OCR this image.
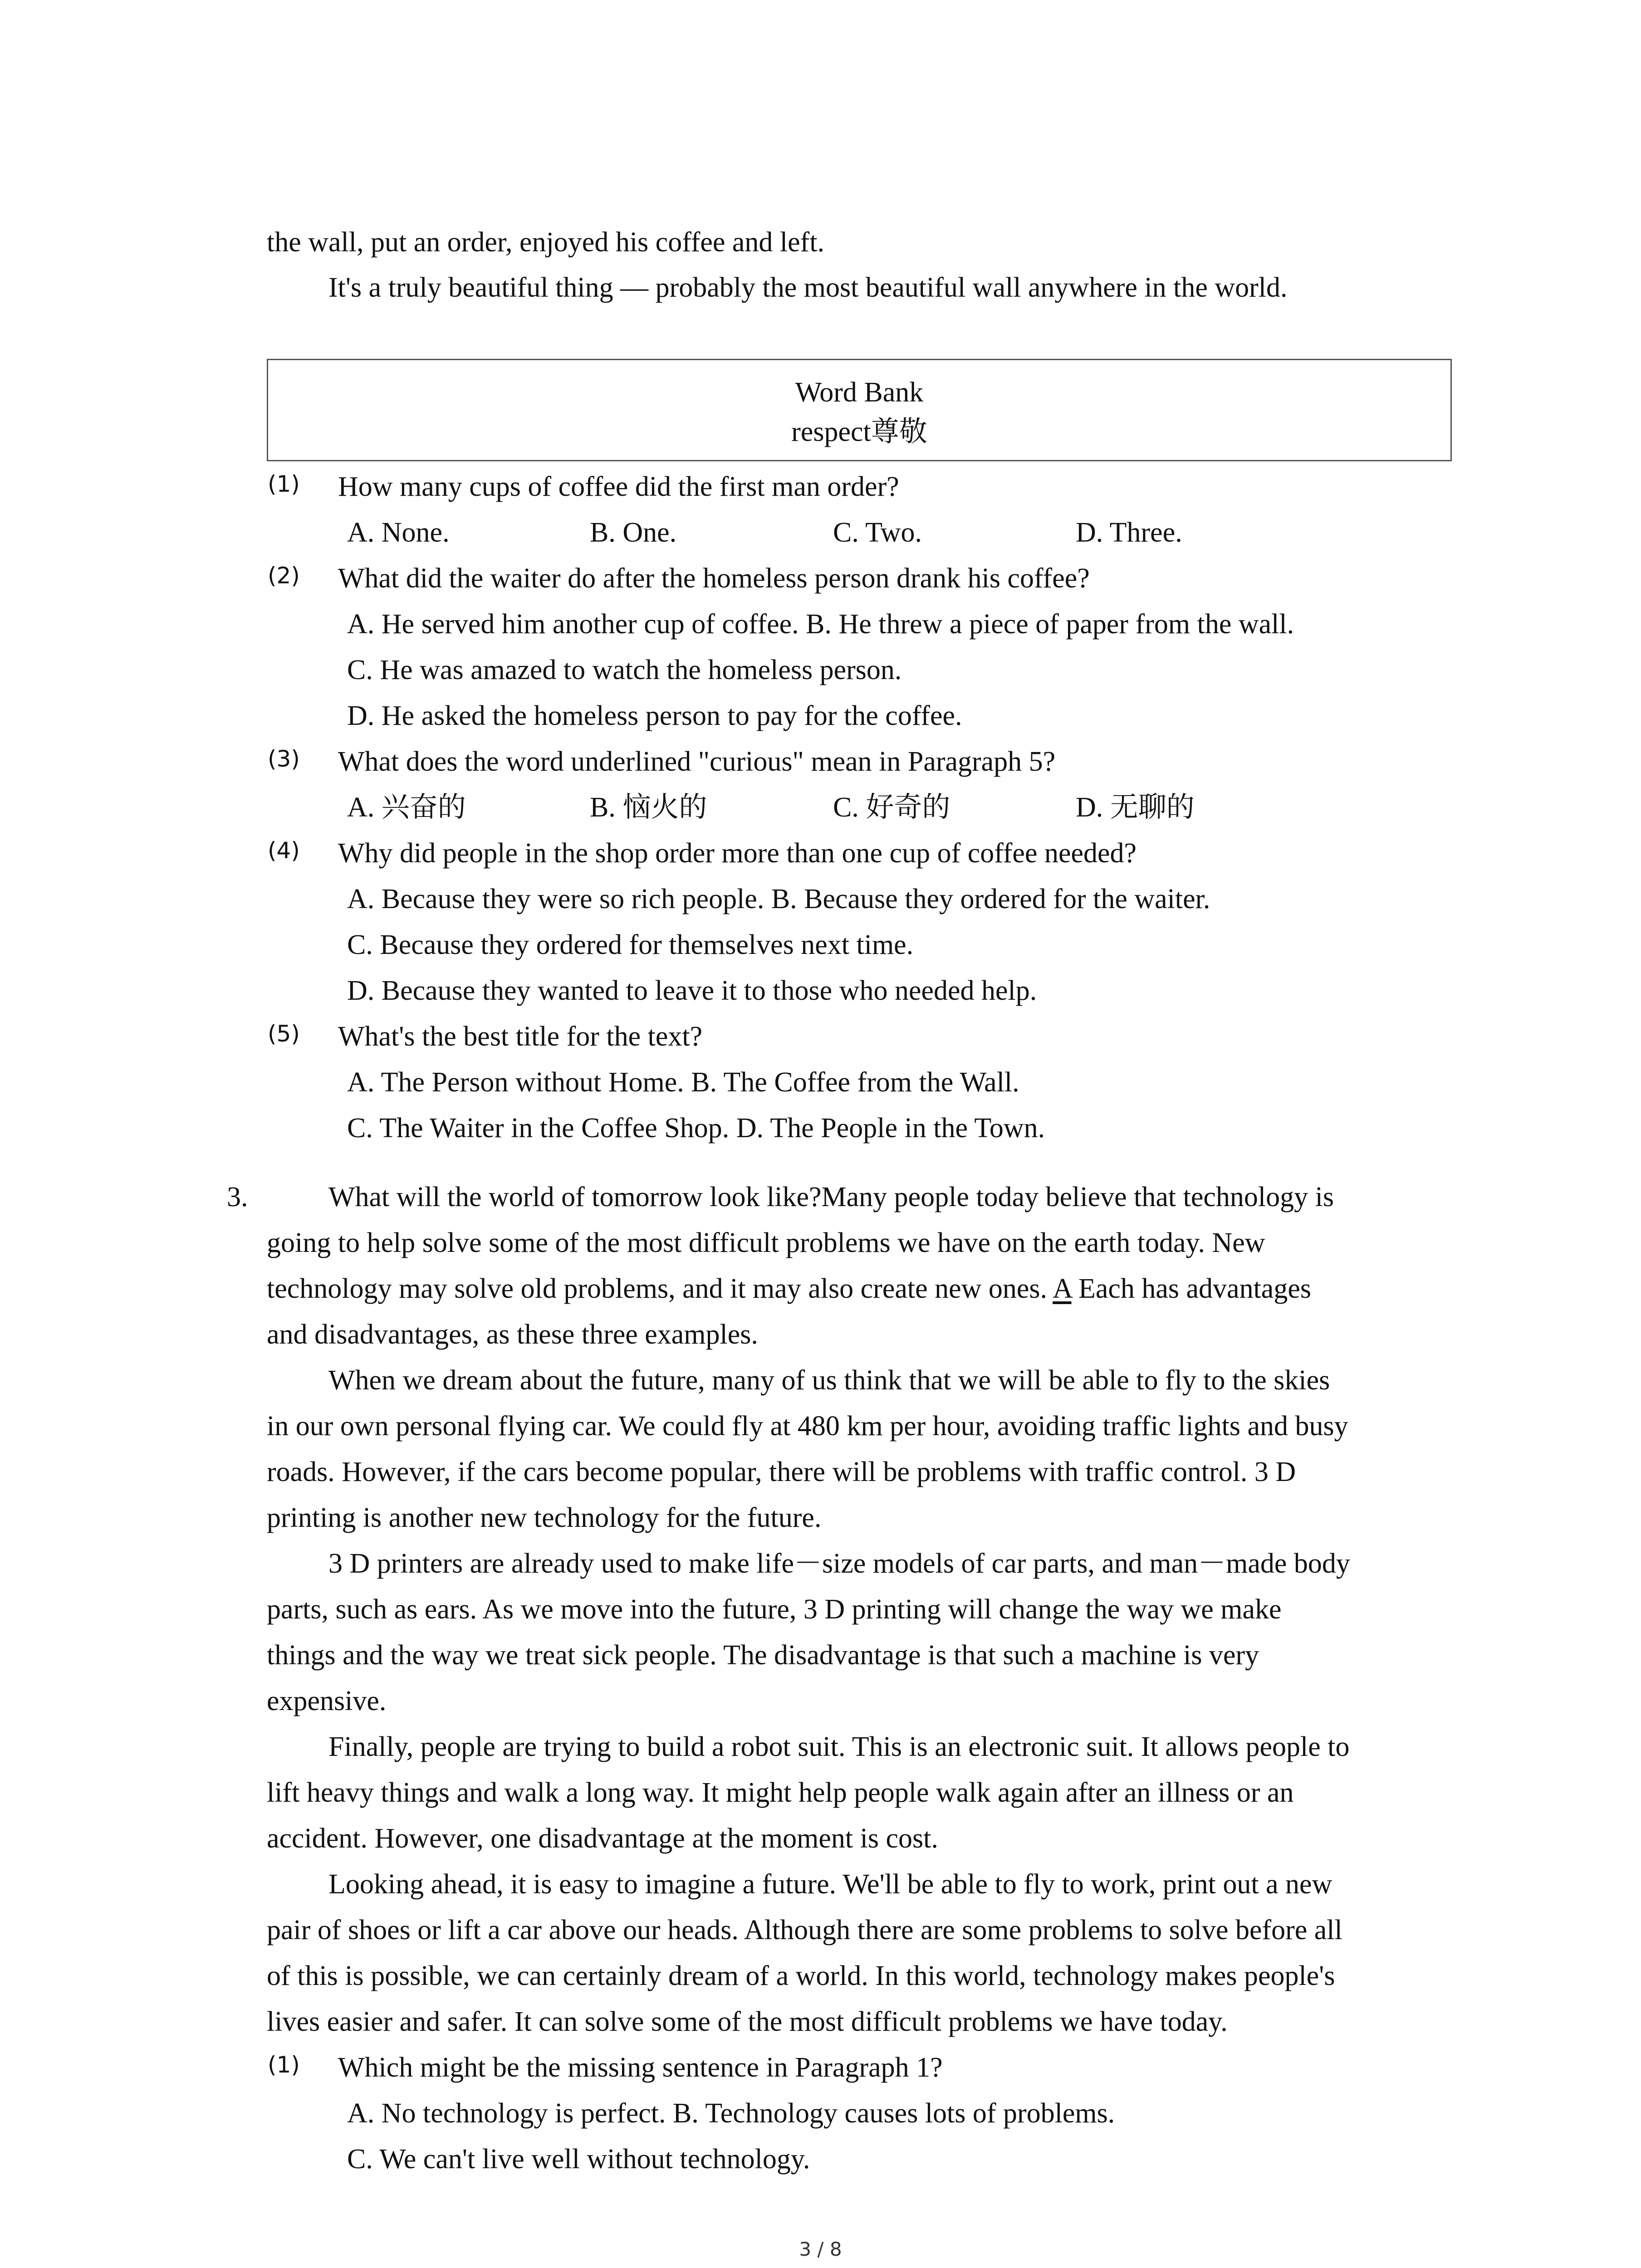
the wall, put an order, enjoyed his coffee and left.
It's a truly beautiful thing — probably the most beautiful wall anywhere in the world.
Word Bank
respect尊敬
(1) How many cups of coffee did the first man order?
A. None.	B. One.	C. Two.	D. Three.
(2) What did the waiter do after the homeless person drank his coffee?
A. He served him another cup of coffee. B. He threw a piece of paper from the wall.
C. He was amazed to watch the homeless person.
D. He asked the homeless person to pay for the coffee.
(3) What does the word underlined "curious" mean in Paragraph 5?
A. 兴奋的	B. 恼火的	C. 好奇的	D. 无聊的
(4) Why did people in the shop order more than one cup of coffee needed?
A. Because they were so rich people. B. Because they ordered for the waiter.
C. Because they ordered for themselves next time.
D. Because they wanted to leave it to those who needed help.
(5) What's the best title for the text?
A. The Person without Home. B. The Coffee from the Wall.
C. The Waiter in the Coffee Shop. D. The People in the Town.
3.	What will the world of tomorrow look like?Many people today believe that technology is
going to help solve some of the most difficult problems we have on the earth today. New
technology may solve old problems, and it may also create new ones. A Each has advantages
and disadvantages, as these three examples.
When we dream about the future, many of us think that we will be able to fly to the skies
in our own personal flying car. We could fly at 480 km per hour, avoiding traffic lights and busy
roads. However, if the cars become popular, there will be problems with traffic control. 3 D
printing is another new technology for the future.
3 D printers are already used to make life－size models of car parts, and man－made body
parts, such as ears. As we move into the future, 3 D printing will change the way we make
things and the way we treat sick people. The disadvantage is that such a machine is very
expensive.
Finally, people are trying to build a robot suit. This is an electronic suit. It allows people to
lift heavy things and walk a long way. It might help people walk again after an illness or an
accident. However, one disadvantage at the moment is cost.
Looking ahead, it is easy to imagine a future. We'll be able to fly to work, print out a new
pair of shoes or lift a car above our heads. Although there are some problems to solve before all
of this is possible, we can certainly dream of a world. In this world, technology makes people's
lives easier and safer. It can solve some of the most difficult problems we have today.
(1) Which might be the missing sentence in Paragraph 1?
A. No technology is perfect. B. Technology causes lots of problems.
C. We can't live well without technology.
3 / 8
